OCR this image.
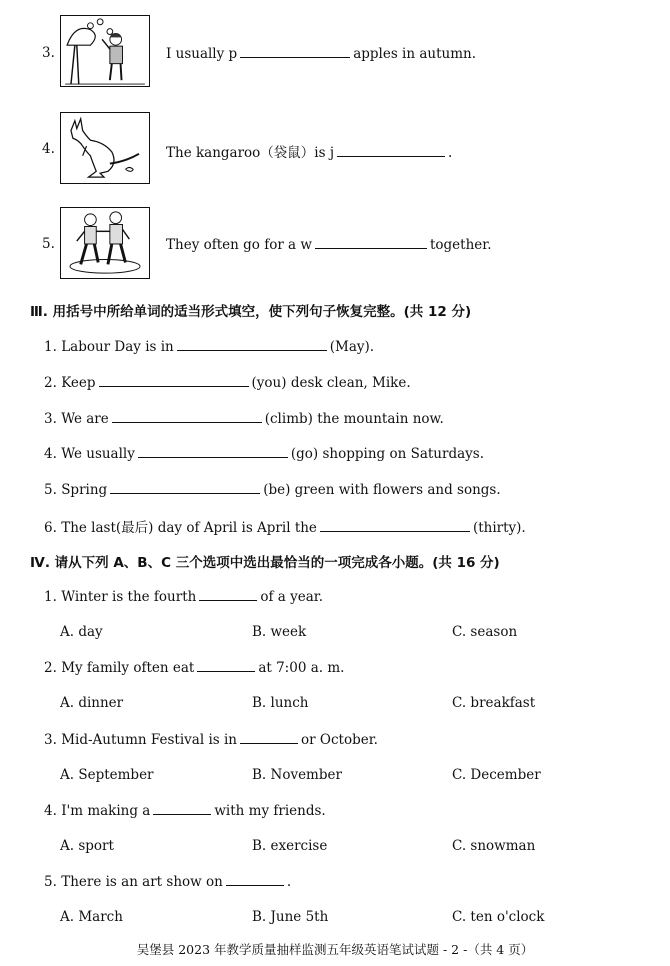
3.	I usually p	apples in autumn.
4.	The kangaroo（袋鼠）is j	.
5.	They often go for a w	together.
Ⅲ. 用括号中所给单词的适当形式填空，使下列句子恢复完整。(共 12 分)
1. Labour Day is in	(May).
2. Keep	(you) desk clean, Mike.
3. We are	(climb) the mountain now.
4. We usually	(go) shopping on Saturdays.
5. Spring	(be) green with flowers and songs.
6. The last(最后) day of April is April the	(thirty).
Ⅳ. 请从下列 A、B、C 三个选项中选出最恰当的一项完成各小题。(共 16 分)
1. Winter is the fourth	of a year.
A. day	B. week	C. season
2. My family often eat	at 7:00 a. m.
A. dinner	B. lunch	C. breakfast
3. Mid-Autumn Festival is in	or October.
A. September	B. November	C. December
4. I'm making a	with my friends.
A. sport	B. exercise	C. snowman
5. There is an art show on	.
A. March	B. June 5th	C. ten o'clock
吴堡县 2023 年教学质量抽样监测五年级英语笔试试题 - 2 -（共 4 页）
